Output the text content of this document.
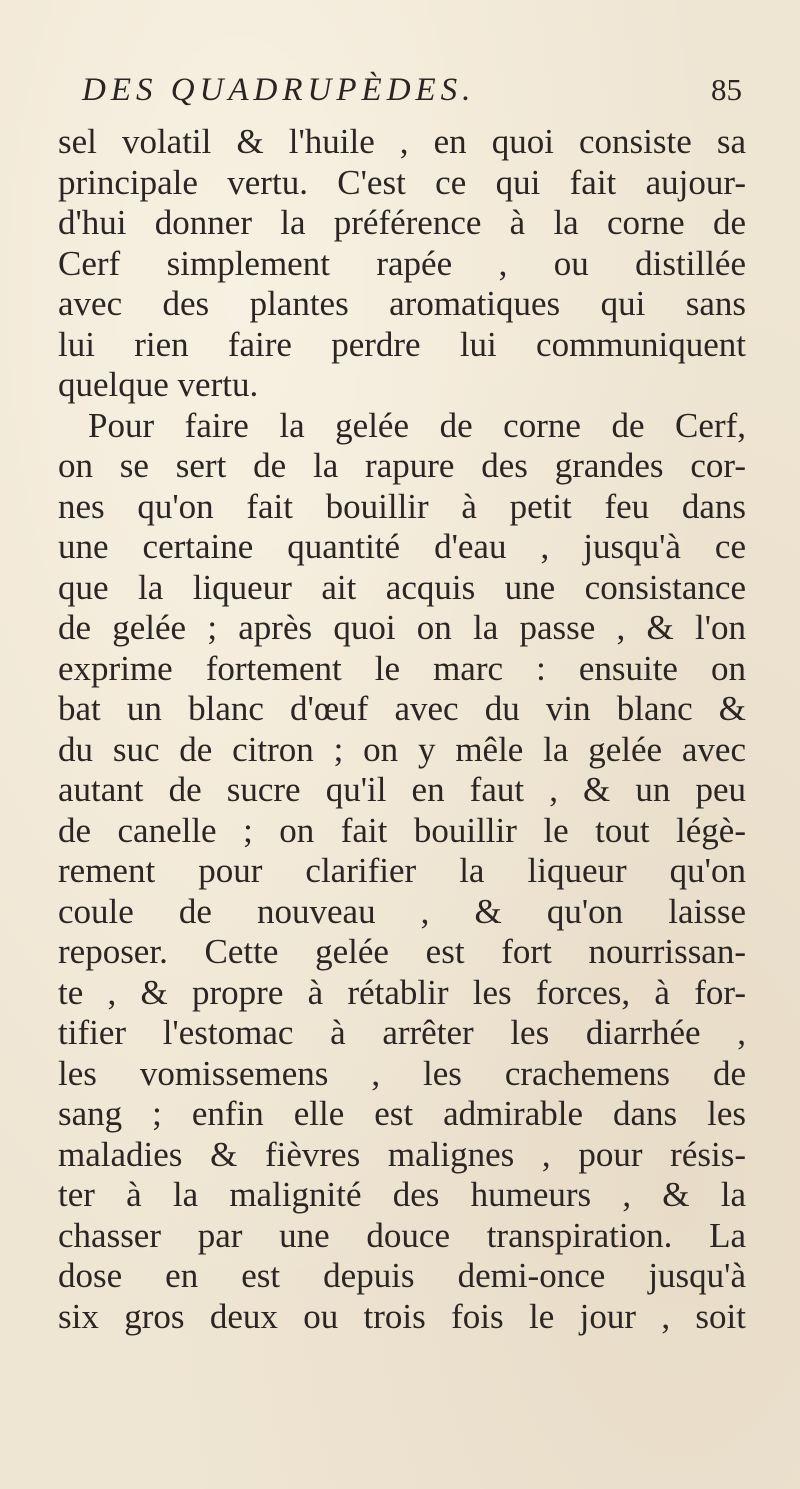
DES QUADRUPÈDES.	85
sel volatil & l'huile , en quoi consiste sa
principale vertu. C'est ce qui fait aujour-
d'hui donner la préférence à la corne de
Cerf simplement rapée , ou distillée
avec des plantes aromatiques qui sans
lui rien faire perdre lui communiquent
quelque vertu.
Pour faire la gelée de corne de Cerf,
on se sert de la rapure des grandes cor-
nes qu'on fait bouillir à petit feu dans
une certaine quantité d'eau , jusqu'à ce
que la liqueur ait acquis une consistance
de gelée ; après quoi on la passe , & l'on
exprime fortement le marc : ensuite on
bat un blanc d'œuf avec du vin blanc &
du suc de citron ; on y mêle la gelée avec
autant de sucre qu'il en faut , & un peu
de canelle ; on fait bouillir le tout légè-
rement pour clarifier la liqueur qu'on
coule de nouveau , & qu'on laisse
reposer. Cette gelée est fort nourrissan-
te , & propre à rétablir les forces, à for-
tifier l'estomac à arrêter les diarrhée ,
les vomissemens , les crachemens de
sang ; enfin elle est admirable dans les
maladies & fièvres malignes , pour résis-
ter à la malignité des humeurs , & la
chasser par une douce transpiration. La
dose en est depuis demi-once jusqu'à
six gros deux ou trois fois le jour , soit
